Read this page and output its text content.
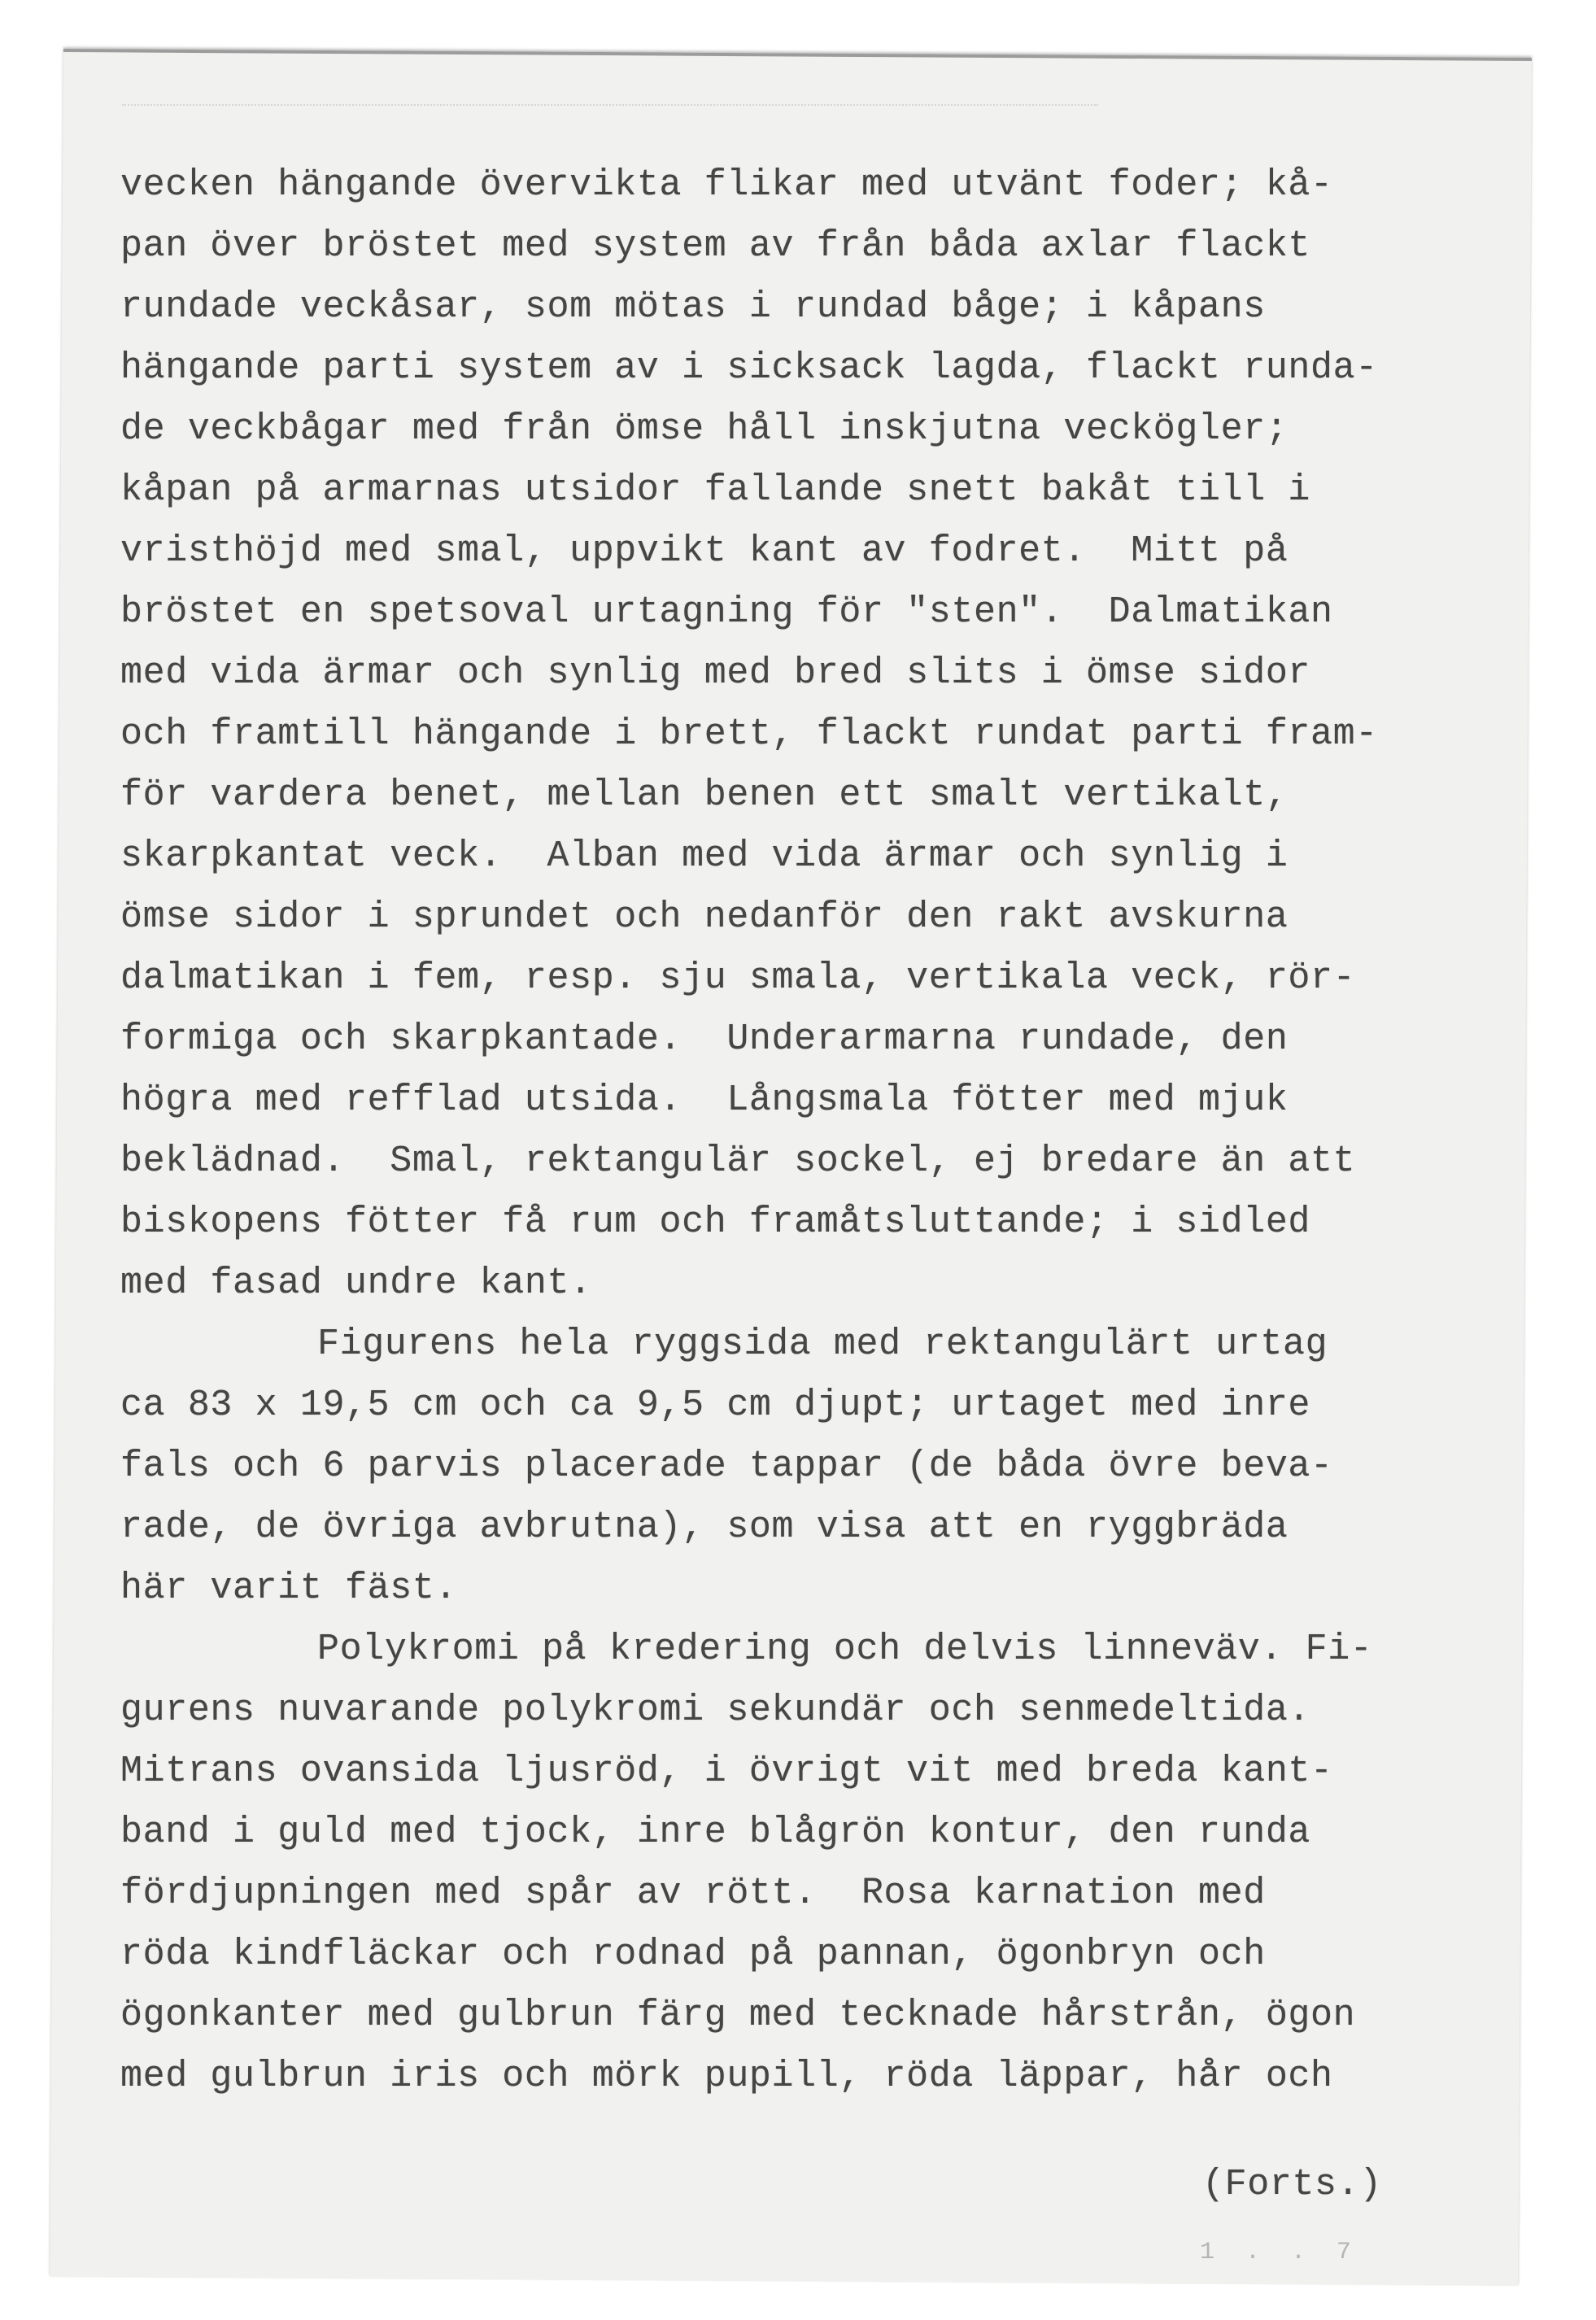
vecken hängande övervikta flikar med utvänt foder; kå-
pan över bröstet med system av från båda axlar flackt
rundade veckåsar, som mötas i rundad båge; i kåpans
hängande parti system av i sicksack lagda, flackt runda-
de veckbågar med från ömse håll inskjutna veckögler;
kåpan på armarnas utsidor fallande snett bakåt till i
vristhöjd med smal, uppvikt kant av fodret.  Mitt på
bröstet en spetsoval urtagning för "sten".  Dalmatikan
med vida ärmar och synlig med bred slits i ömse sidor
och framtill hängande i brett, flackt rundat parti fram-
för vardera benet, mellan benen ett smalt vertikalt,
skarpkantat veck.  Alban med vida ärmar och synlig i
ömse sidor i sprundet och nedanför den rakt avskurna
dalmatikan i fem, resp. sju smala, vertikala veck, rör-
formiga och skarpkantade.  Underarmarna rundade, den
högra med refflad utsida.  Långsmala fötter med mjuk
beklädnad.  Smal, rektangulär sockel, ej bredare än att
biskopens fötter få rum och framåtsluttande; i sidled
med fasad undre kant.
Figurens hela ryggsida med rektangulärt urtag
ca 83 x 19,5 cm och ca 9,5 cm djupt; urtaget med inre
fals och 6 parvis placerade tappar (de båda övre beva-
rade, de övriga avbrutna), som visa att en ryggbräda
här varit fäst.
Polykromi på kredering och delvis linneväv. Fi-
gurens nuvarande polykromi sekundär och senmedeltida.
Mitrans ovansida ljusröd, i övrigt vit med breda kant-
band i guld med tjock, inre blågrön kontur, den runda
fördjupningen med spår av rött.  Rosa karnation med
röda kindfläckar och rodnad på pannan, ögonbryn och
ögonkanter med gulbrun färg med tecknade hårstrån, ögon
med gulbrun iris och mörk pupill, röda läppar, hår och
(Forts.)
1 . . 7
